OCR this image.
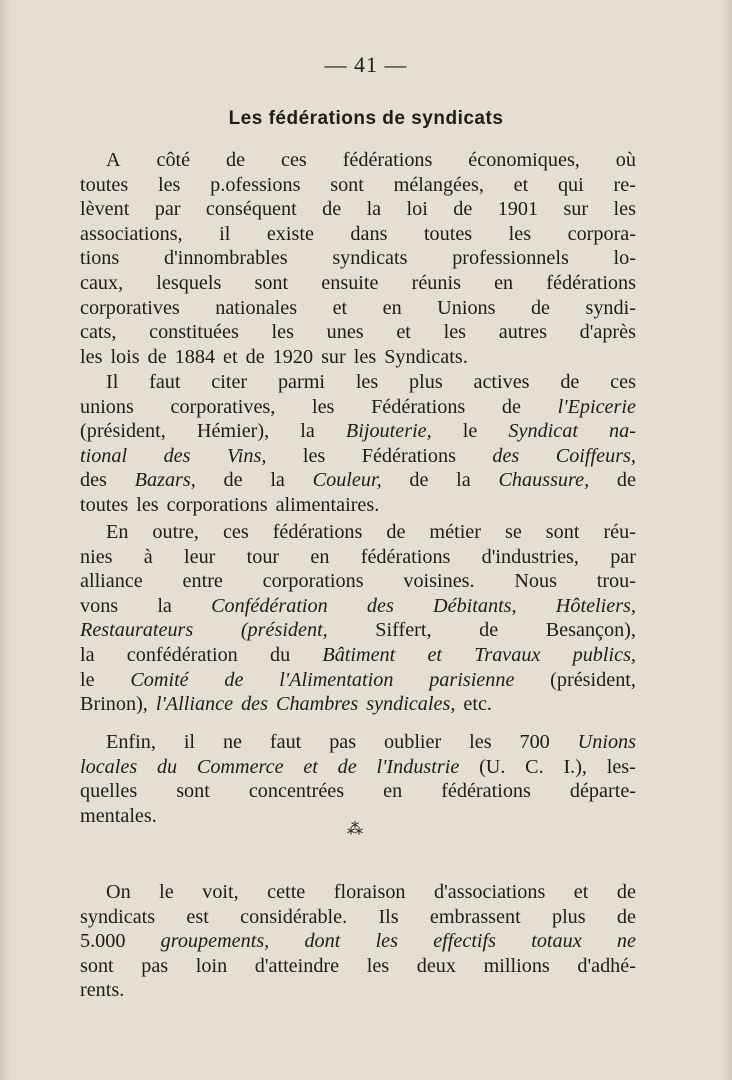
— 41 —
Les fédérations de syndicats
A côté de ces fédérations économiques, où
toutes les p.ofessions sont mélangées, et qui re-
lèvent par conséquent de la loi de 1901 sur les
associations, il existe dans toutes les corpora-
tions d'innombrables syndicats professionnels lo-
caux, lesquels sont ensuite réunis en fédérations
corporatives nationales et en Unions de syndi-
cats, constituées les unes et les autres d'après
les lois de 1884 et de 1920 sur les Syndicats.
Il faut citer parmi les plus actives de ces
unions corporatives, les Fédérations de l'Epicerie
(président, Hémier), la Bijouterie, le Syndicat na-
tional des Vins, les Fédérations des Coiffeurs,
des Bazars, de la Couleur, de la Chaussure, de
toutes les corporations alimentaires.
En outre, ces fédérations de métier se sont réu-
nies à leur tour en fédérations d'industries, par
alliance entre corporations voisines. Nous trou-
vons la Confédération des Débitants, Hôteliers,
Restaurateurs (président, Siffert, de Besançon),
la confédération du Bâtiment et Travaux publics,
le Comité de l'Alimentation parisienne (président,
Brinon), l'Alliance des Chambres syndicales, etc.
Enfin, il ne faut pas oublier les 700 Unions
locales du Commerce et de l'Industrie (U. C. I.), les-
quelles sont concentrées en fédérations départe-
mentales.
⁂
On le voit, cette floraison d'associations et de
syndicats est considérable. Ils embrassent plus de
5.000 groupements, dont les effectifs totaux ne
sont pas loin d'atteindre les deux millions d'adhé-
rents.
